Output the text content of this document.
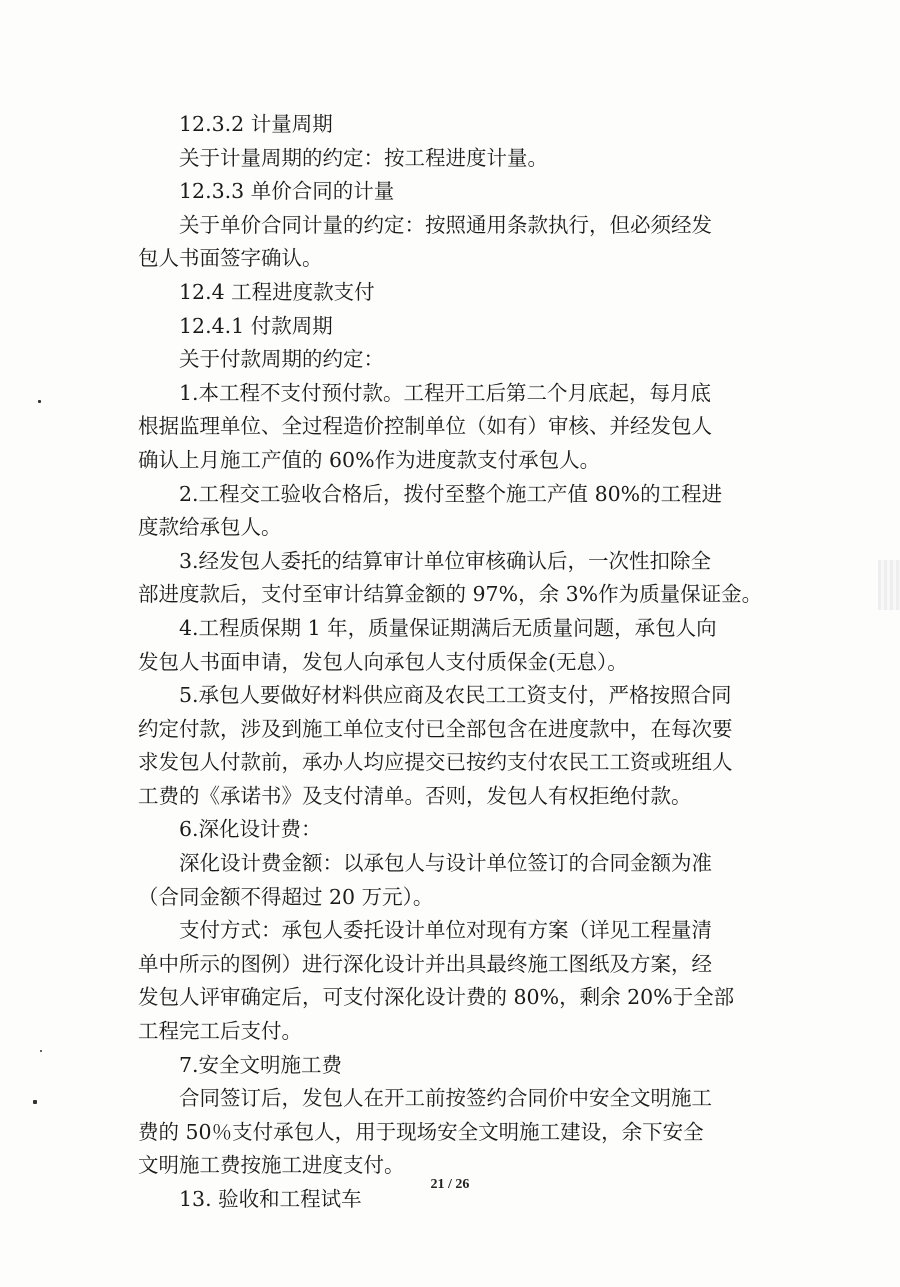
12.3.2 计量周期
关于计量周期的约定：按工程进度计量。
12.3.3 单价合同的计量
关于单价合同计量的约定：按照通用条款执行，但必须经发
包人书面签字确认。
12.4 工程进度款支付
12.4.1 付款周期
关于付款周期的约定：
1.本工程不支付预付款。工程开工后第二个月底起，每月底
根据监理单位、全过程造价控制单位（如有）审核、并经发包人
确认上月施工产值的 60%作为进度款支付承包人。
2.工程交工验收合格后，拨付至整个施工产值 80%的工程进
度款给承包人。
3.经发包人委托的结算审计单位审核确认后，一次性扣除全
部进度款后，支付至审计结算金额的 97%，余 3%作为质量保证金。
4.工程质保期 1 年，质量保证期满后无质量问题，承包人向
发包人书面申请，发包人向承包人支付质保金(无息）。
5.承包人要做好材料供应商及农民工工资支付，严格按照合同
约定付款，涉及到施工单位支付已全部包含在进度款中，在每次要
求发包人付款前，承办人均应提交已按约支付农民工工资或班组人
工费的《承诺书》及支付清单。否则，发包人有权拒绝付款。
6.深化设计费：
深化设计费金额：以承包人与设计单位签订的合同金额为准
（合同金额不得超过 20 万元）。
支付方式：承包人委托设计单位对现有方案（详见工程量清
单中所示的图例）进行深化设计并出具最终施工图纸及方案，经
发包人评审确定后，可支付深化设计费的 80%，剩余 20%于全部
工程完工后支付。
7.安全文明施工费
合同签订后，发包人在开工前按签约合同价中安全文明施工
费的 50％支付承包人，用于现场安全文明施工建设，余下安全
文明施工费按施工进度支付。
13. 验收和工程试车
21 / 26
